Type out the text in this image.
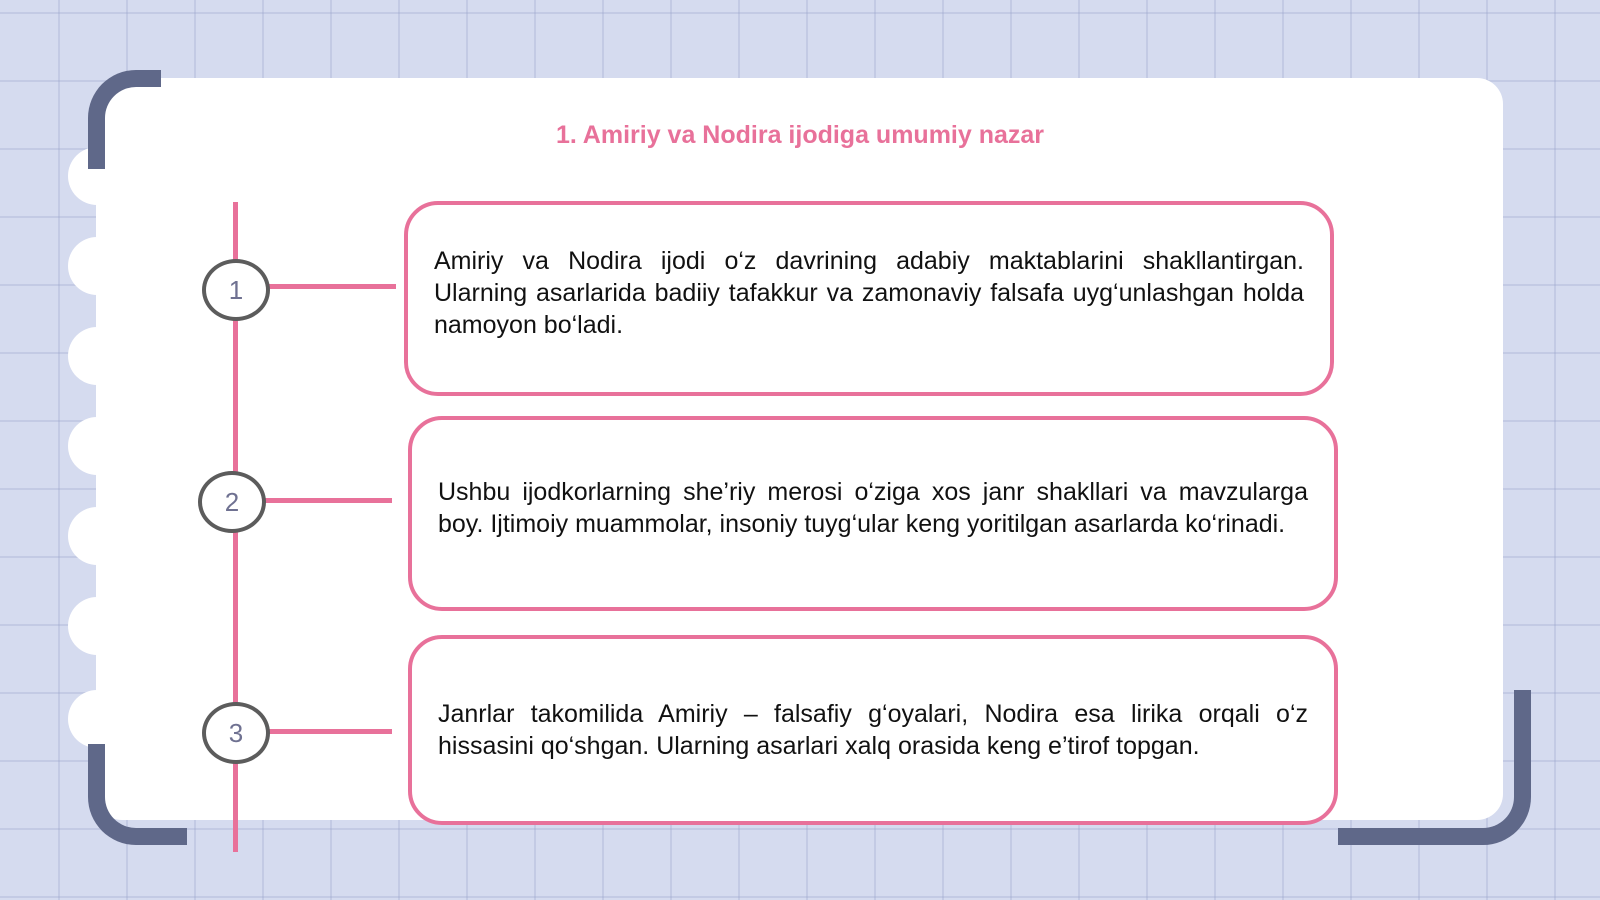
1. Amiriy va Nodira ijodiga umumiy nazar
1
2
3
Amiriy va Nodira ijodi o‘z davrining adabiy maktablarini shakllantirgan. Ularning asarlarida badiiy tafakkur va zamonaviy falsafa uyg‘unlashgan holda namoyon bo‘ladi.
Ushbu ijodkorlarning she’riy merosi o‘ziga xos janr shakllari va mavzularga boy. Ijtimoiy muammolar, insoniy tuyg‘ular keng yoritilgan asarlarda ko‘rinadi.
Janrlar takomilida Amiriy – falsafiy g‘oyalari, Nodira esa lirika orqali o‘z hissasini qo‘shgan. Ularning asarlari xalq orasida keng e’tirof topgan.
